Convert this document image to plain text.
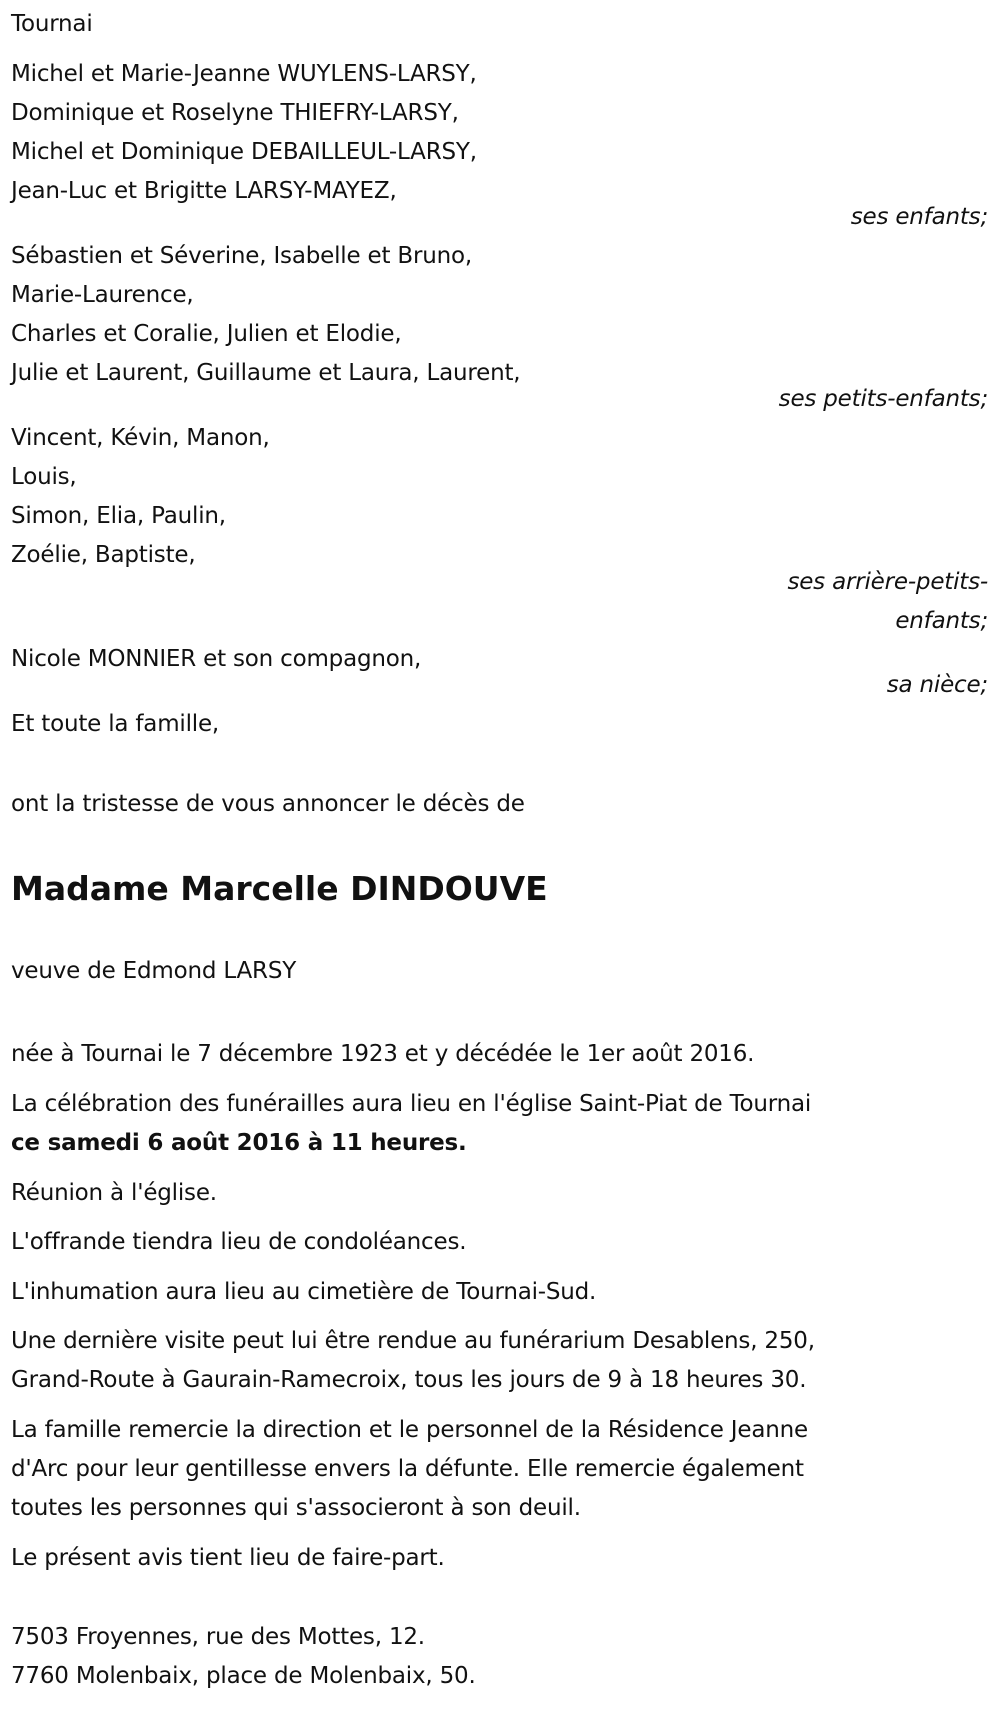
Tournai
Michel et Marie-Jeanne WUYLENS-LARSY,
Dominique et Roselyne THIEFRY-LARSY,
Michel et Dominique DEBAILLEUL-LARSY,
Jean-Luc et Brigitte LARSY-MAYEZ,
ses enfants;
Sébastien et Séverine, Isabelle et Bruno,
Marie-Laurence,
Charles et Coralie, Julien et Elodie,
Julie et Laurent, Guillaume et Laura, Laurent,
ses petits-enfants;
Vincent, Kévin, Manon,
Louis,
Simon, Elia, Paulin,
Zoélie, Baptiste,
ses arrière-petits-
enfants;
Nicole MONNIER et son compagnon,
sa nièce;
Et toute la famille,
ont la tristesse de vous annoncer le décès de
Madame Marcelle DINDOUVE
veuve de Edmond LARSY
née à Tournai le 7 décembre 1923 et y décédée le 1er août 2016.
La célébration des funérailles aura lieu en l'église Saint-Piat de Tournai
ce samedi 6 août 2016 à 11 heures.
Réunion à l'église.
L'offrande tiendra lieu de condoléances.
L'inhumation aura lieu au cimetière de Tournai-Sud.
Une dernière visite peut lui être rendue au funérarium Desablens, 250,
Grand-Route à Gaurain-Ramecroix, tous les jours de 9 à 18 heures 30.
La famille remercie la direction et le personnel de la Résidence Jeanne
d'Arc pour leur gentillesse envers la défunte. Elle remercie également
toutes les personnes qui s'associeront à son deuil.
Le présent avis tient lieu de faire-part.
7503 Froyennes, rue des Mottes, 12.
7760 Molenbaix, place de Molenbaix, 50.
